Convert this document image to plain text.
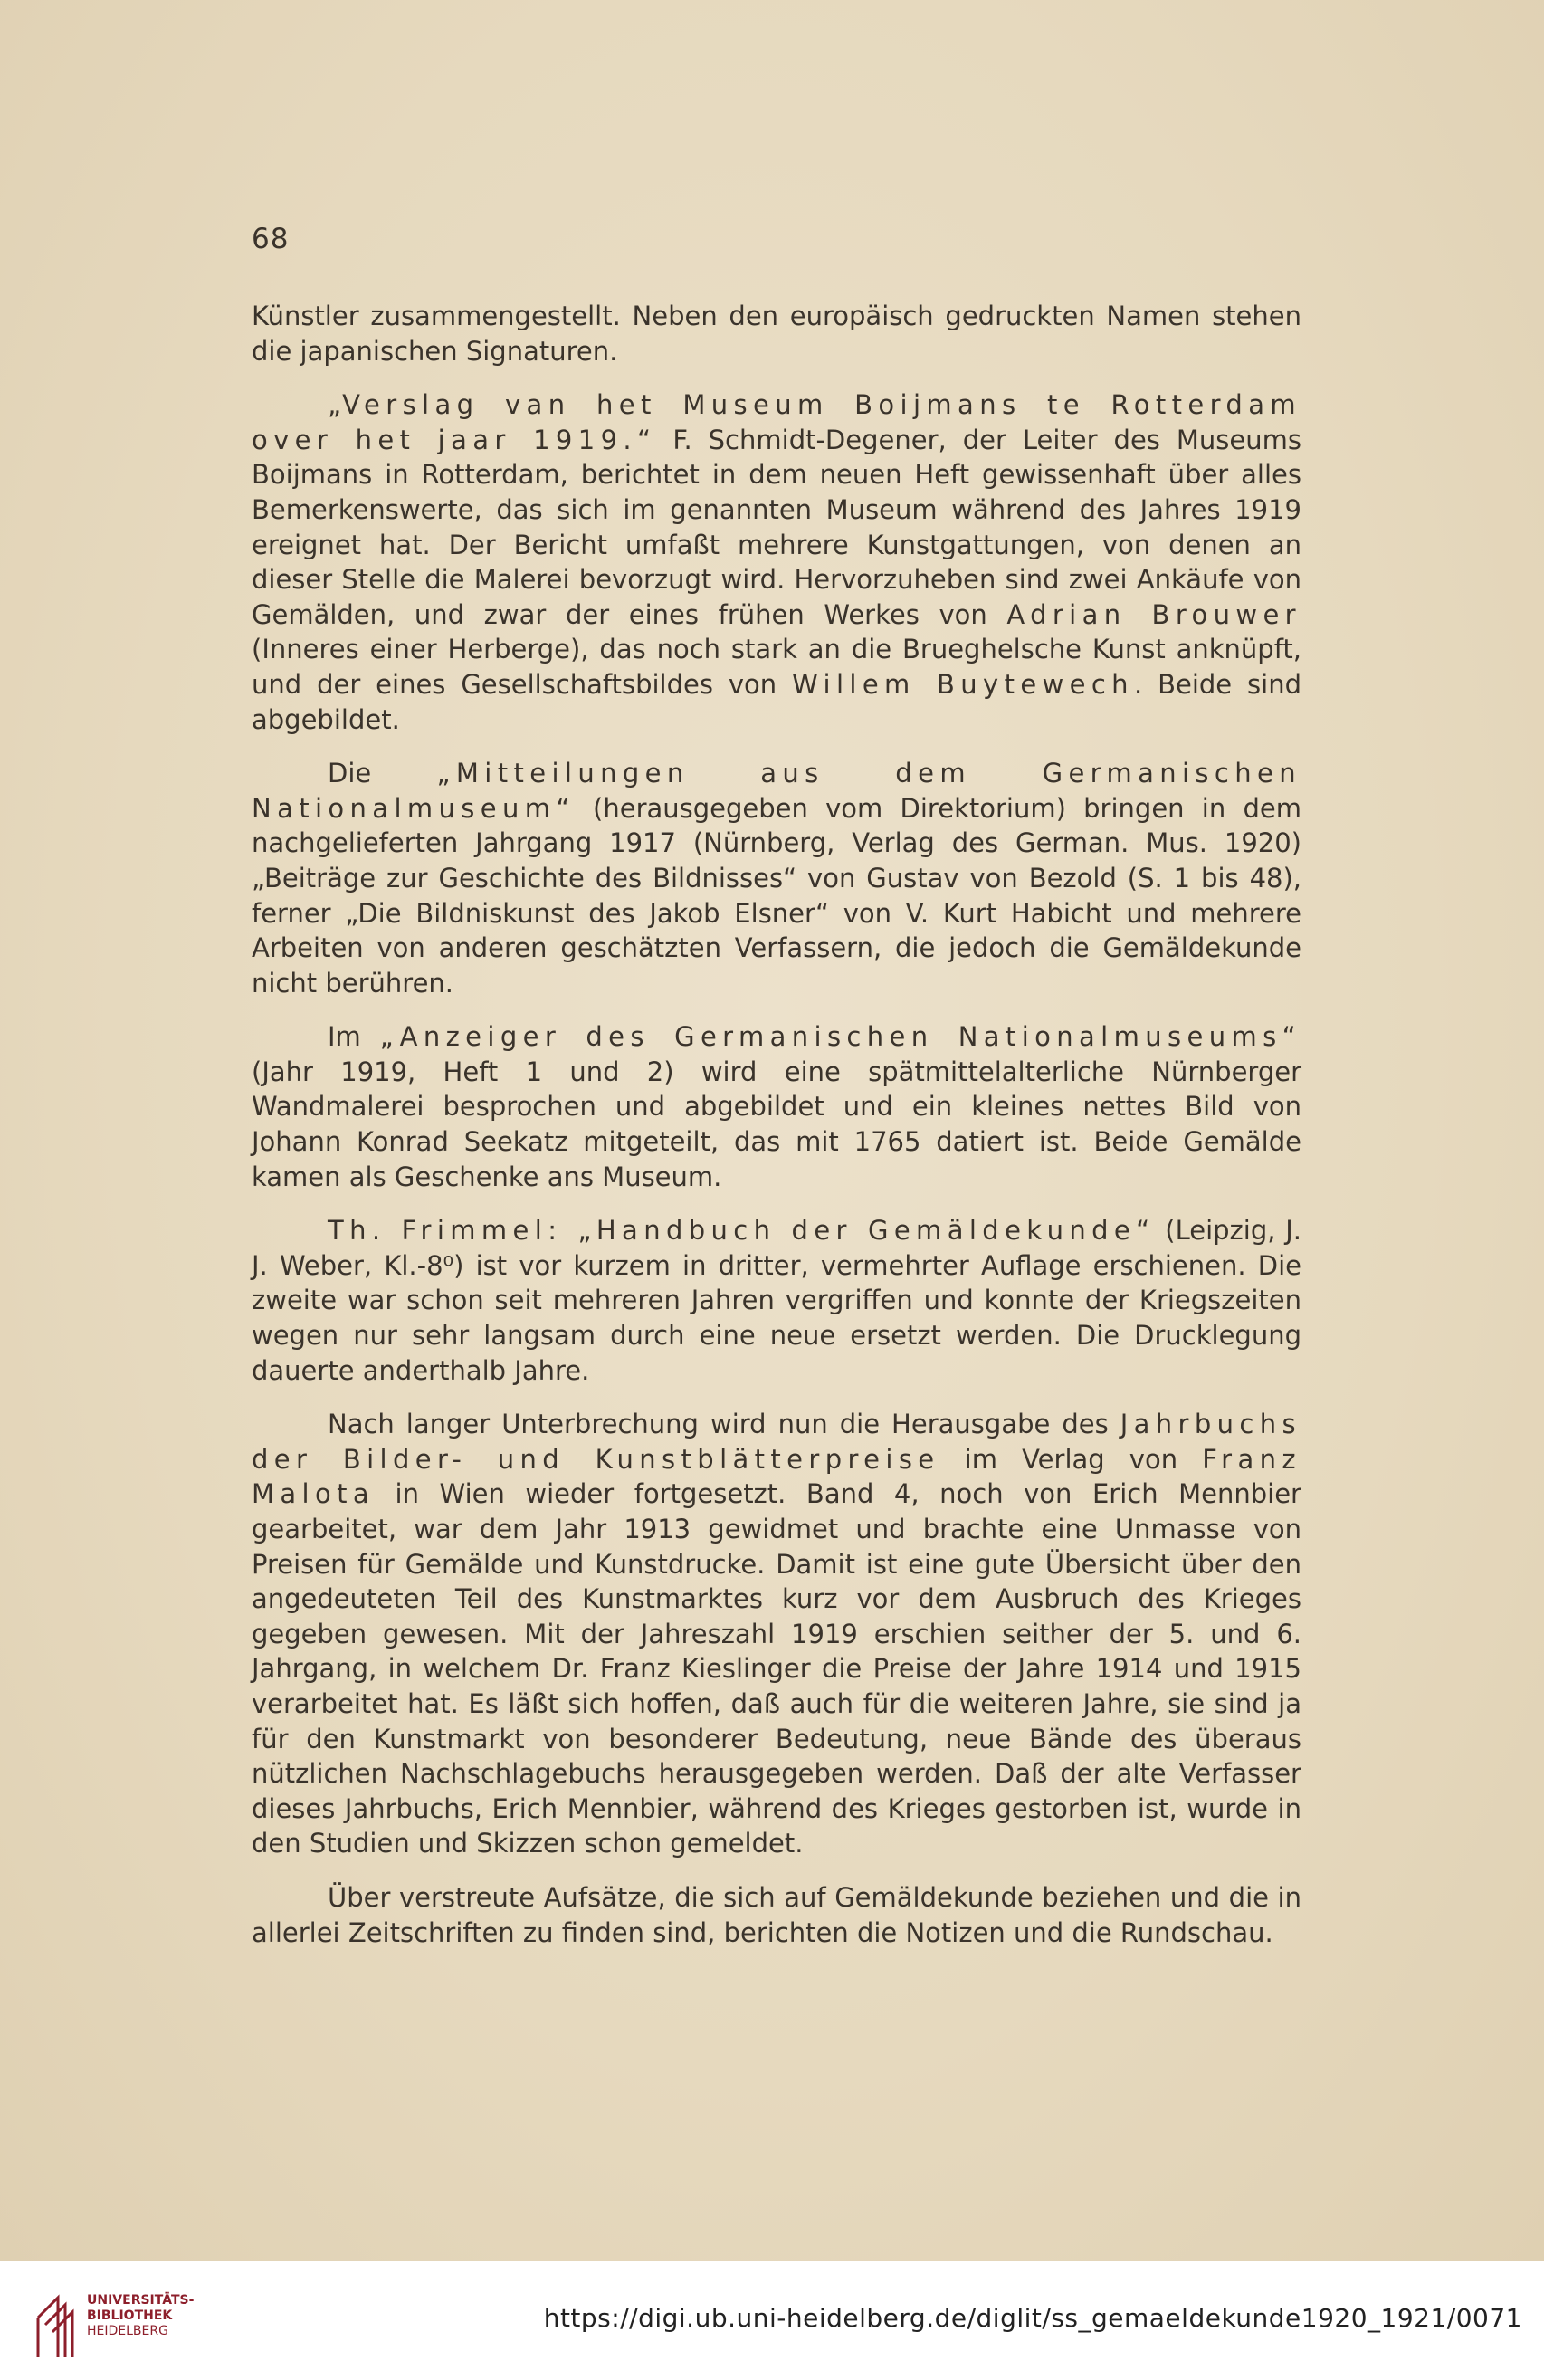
68

Künstler zusammengestellt. Neben den europäisch gedruckten Namen stehen die japanischen Signaturen.

„Verslag van het Museum Boijmans te Rotterdam over het jaar 1919.“ F. Schmidt-Degener, der Leiter des Museums Boijmans in Rotterdam, berichtet in dem neuen Heft gewissenhaft über alles Bemerkenswerte, das sich im genannten Museum während des Jahres 1919 ereignet hat. Der Bericht umfaßt mehrere Kunstgattungen, von denen an dieser Stelle die Malerei bevorzugt wird. Hervorzuheben sind zwei Ankäufe von Gemälden, und zwar der eines frühen Werkes von Adrian Brouwer (Inneres einer Herberge), das noch stark an die Brueghelsche Kunst anknüpft, und der eines Gesellschaftsbildes von Willem Buytewech. Beide sind abgebildet.

Die „Mitteilungen aus dem Germanischen Nationalmuseum“ (herausgegeben vom Direktorium) bringen in dem nachgelieferten Jahrgang 1917 (Nürnberg, Verlag des German. Mus. 1920) „Beiträge zur Geschichte des Bildnisses“ von Gustav von Bezold (S. 1 bis 48), ferner „Die Bildniskunst des Jakob Elsner“ von V. Kurt Habicht und mehrere Arbeiten von anderen geschätzten Verfassern, die jedoch die Gemäldekunde nicht berühren.

Im „Anzeiger des Germanischen Nationalmuseums“ (Jahr 1919, Heft 1 und 2) wird eine spätmittelalterliche Nürnberger Wandmalerei besprochen und abgebildet und ein kleines nettes Bild von Johann Konrad Seekatz mitgeteilt, das mit 1765 datiert ist. Beide Gemälde kamen als Geschenke ans Museum.

Th. Frimmel: „Handbuch der Gemäldekunde“ (Leipzig, J. J. Weber, Kl.-8⁰) ist vor kurzem in dritter, vermehrter Auflage erschienen. Die zweite war schon seit mehreren Jahren vergriffen und konnte der Kriegszeiten wegen nur sehr langsam durch eine neue ersetzt werden. Die Drucklegung dauerte anderthalb Jahre.

Nach langer Unterbrechung wird nun die Herausgabe des Jahrbuchs der Bilder- und Kunstblätterpreise im Verlag von Franz Malota in Wien wieder fortgesetzt. Band 4, noch von Erich Mennbier gearbeitet, war dem Jahr 1913 gewidmet und brachte eine Unmasse von Preisen für Gemälde und Kunstdrucke. Damit ist eine gute Übersicht über den angedeuteten Teil des Kunstmarktes kurz vor dem Ausbruch des Krieges gegeben gewesen. Mit der Jahreszahl 1919 erschien seither der 5. und 6. Jahrgang, in welchem Dr. Franz Kieslinger die Preise der Jahre 1914 und 1915 verarbeitet hat. Es läßt sich hoffen, daß auch für die weiteren Jahre, sie sind ja für den Kunstmarkt von besonderer Bedeutung, neue Bände des überaus nützlichen Nachschlagebuchs herausgegeben werden. Daß der alte Verfasser dieses Jahrbuchs, Erich Mennbier, während des Krieges gestorben ist, wurde in den Studien und Skizzen schon gemeldet.

Über verstreute Aufsätze, die sich auf Gemäldekunde beziehen und die in allerlei Zeitschriften zu finden sind, berichten die Notizen und die Rundschau.

UNIVERSITÄTS-
BIBLIOTHEK
HEIDELBERG	https://digi.ub.uni-heidelberg.de/diglit/ss_gemaeldekunde1920_1921/0071
